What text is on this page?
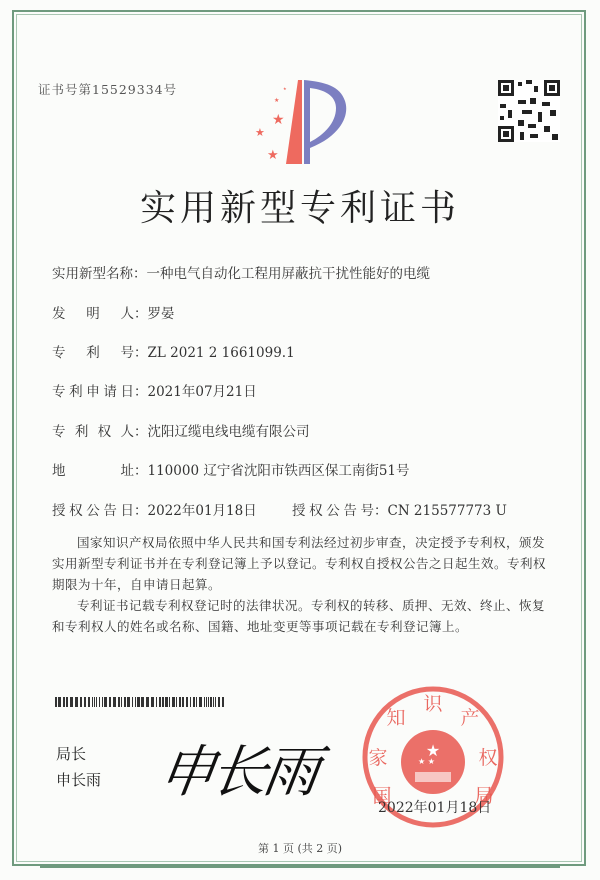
证书号第15529334号
★
★
★
★
★
实用新型专利证书
实用新型名称：一种电气自动化工程用屏蔽抗干扰性能好的电缆
发明人：罗晏
专利号：ZL 2021 2 1661099.1
专利申请日：2021年07月21日
专利权人：沈阳辽缆电线电缆有限公司
地址：110000 辽宁省沈阳市铁西区保工南街51号
授权公告日：2022年01月18日	授权公告号：CN 215577773 U

国家知识产权局依照中华人民共和国专利法经过初步审查，决定授予专利权，颁发实用新型专利证书并在专利登记簿上予以登记。专利权自授权公告之日起生效。专利权期限为十年，自申请日起算。

专利证书记载专利权登记时的法律状况。专利权的转移、质押、无效、终止、恢复和专利权人的姓名或名称、国籍、地址变更等事项记载在专利登记簿上。

局长
申长雨 申长雨	★
★ ★
国
家
知
识
产
权
局
2022年01月18日
第 1 页 (共 2 页)
